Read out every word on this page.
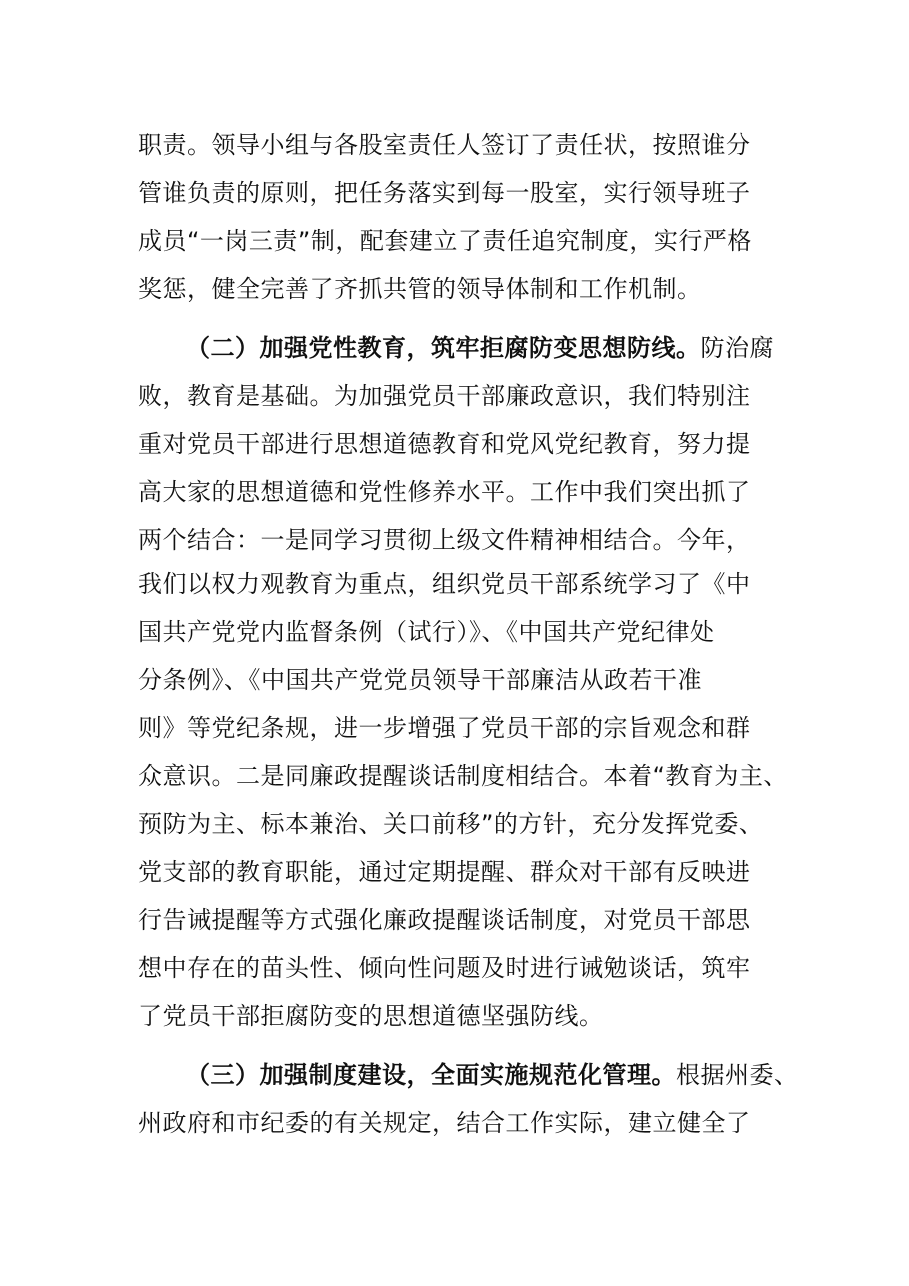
职责。领导小组与各股室责任人签订了责任状，按照谁分
管谁负责的原则，把任务落实到每一股室，实行领导班子
成员“一岗三责”制，配套建立了责任追究制度，实行严格
奖惩，健全完善了齐抓共管的领导体制和工作机制。
（二）加强党性教育，筑牢拒腐防变思想防线。防治腐
败，教育是基础。为加强党员干部廉政意识，我们特别注
重对党员干部进行思想道德教育和党风党纪教育，努力提
高大家的思想道德和党性修养水平。工作中我们突出抓了
两个结合：一是同学习贯彻上级文件精神相结合。今年，
我们以权力观教育为重点，组织党员干部系统学习了《中
国共产党党内监督条例（试行）》、《中国共产党纪律处
分条例》、《中国共产党党员领导干部廉洁从政若干准
则》等党纪条规，进一步增强了党员干部的宗旨观念和群
众意识。二是同廉政提醒谈话制度相结合。本着“教育为主、
预防为主、标本兼治、关口前移”的方针，充分发挥党委、
党支部的教育职能，通过定期提醒、群众对干部有反映进
行告诫提醒等方式强化廉政提醒谈话制度，对党员干部思
想中存在的苗头性、倾向性问题及时进行诫勉谈话，筑牢
了党员干部拒腐防变的思想道德坚强防线。
（三）加强制度建设，全面实施规范化管理。根据州委、
州政府和市纪委的有关规定，结合工作实际，建立健全了
